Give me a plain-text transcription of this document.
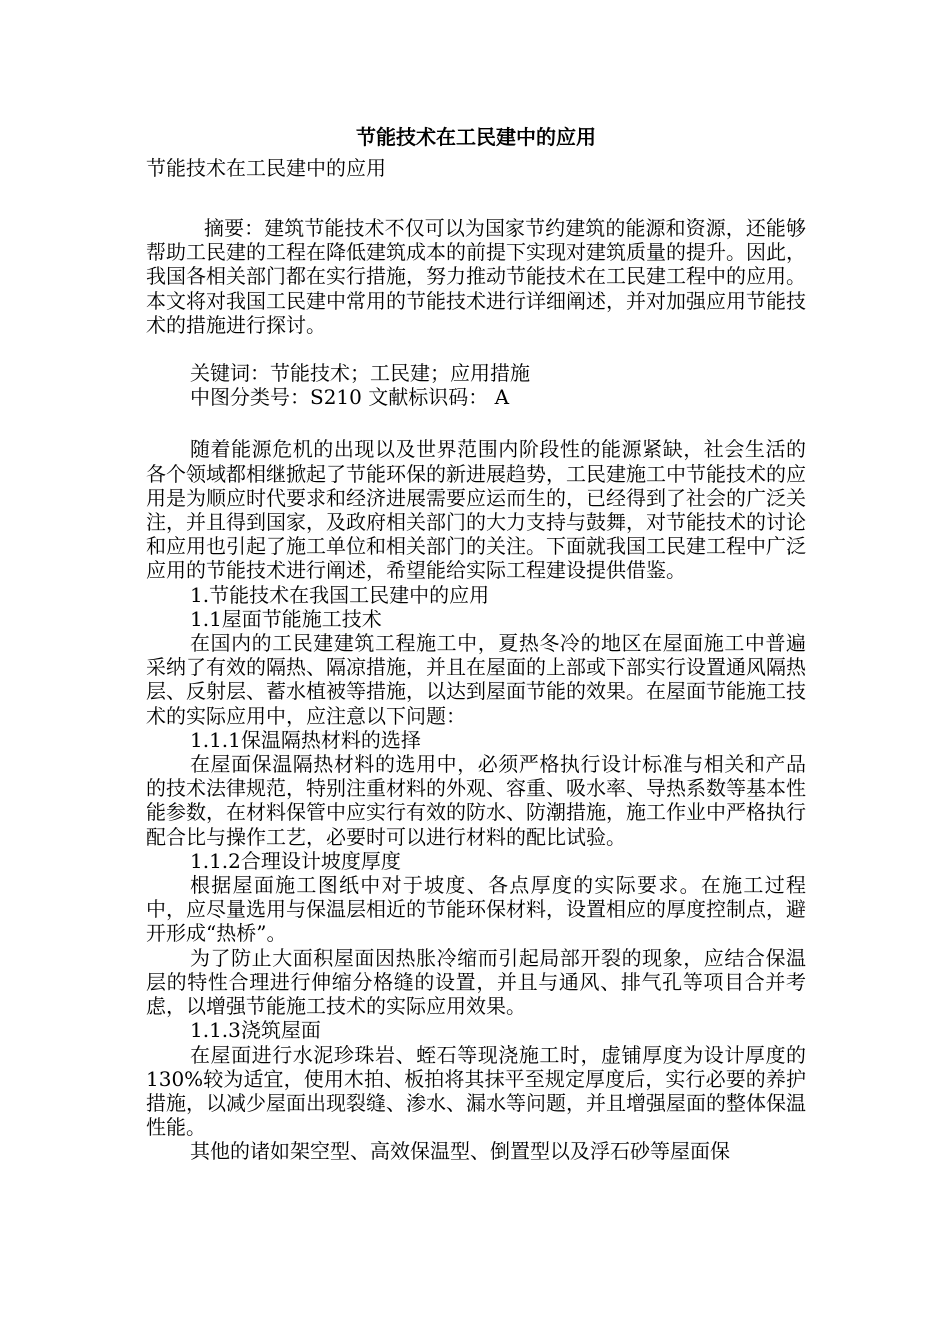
节能技术在工民建中的应用

节能技术在工民建中的应用

摘要：建筑节能技术不仅可以为国家节约建筑的能源和资源，还能够帮助工民建的工程在降低建筑成本的前提下实现对建筑质量的提升。因此，我国各相关部门都在实行措施，努力推动节能技术在工民建工程中的应用。本文将对我国工民建中常用的节能技术进行详细阐述，并对加强应用节能技术的措施进行探讨。

关键词：节能技术；工民建；应用措施

中图分类号：S210 文献标识码： A

随着能源危机的出现以及世界范围内阶段性的能源紧缺，社会生活的各个领域都相继掀起了节能环保的新进展趋势，工民建施工中节能技术的应用是为顺应时代要求和经济进展需要应运而生的，已经得到了社会的广泛关注，并且得到国家，及政府相关部门的大力支持与鼓舞，对节能技术的讨论和应用也引起了施工单位和相关部门的关注。下面就我国工民建工程中广泛应用的节能技术进行阐述，希望能给实际工程建设提供借鉴。

1.节能技术在我国工民建中的应用

1.1屋面节能施工技术

在国内的工民建建筑工程施工中，夏热冬冷的地区在屋面施工中普遍采纳了有效的隔热、隔凉措施，并且在屋面的上部或下部实行设置通风隔热层、反射层、蓄水植被等措施，以达到屋面节能的效果。在屋面节能施工技术的实际应用中，应注意以下问题：

1.1.1保温隔热材料的选择

在屋面保温隔热材料的选用中，必须严格执行设计标准与相关和产品的技术法律规范，特别注重材料的外观、容重、吸水率、导热系数等基本性能参数，在材料保管中应实行有效的防水、防潮措施，施工作业中严格执行配合比与操作工艺，必要时可以进行材料的配比试验。

1.1.2合理设计坡度厚度

根据屋面施工图纸中对于坡度、各点厚度的实际要求。在施工过程中，应尽量选用与保温层相近的节能环保材料，设置相应的厚度控制点，避开形成“热桥”。

为了防止大面积屋面因热胀冷缩而引起局部开裂的现象，应结合保温层的特性合理进行伸缩分格缝的设置，并且与通风、排气孔等项目合并考虑，以增强节能施工技术的实际应用效果。

1.1.3浇筑屋面

在屋面进行水泥珍珠岩、蛭石等现浇施工时，虚铺厚度为设计厚度的130%较为适宜，使用木拍、板拍将其抹平至规定厚度后，实行必要的养护措施，以减少屋面出现裂缝、渗水、漏水等问题，并且增强屋面的整体保温性能。

其他的诸如架空型、高效保温型、倒置型以及浮石砂等屋面保
